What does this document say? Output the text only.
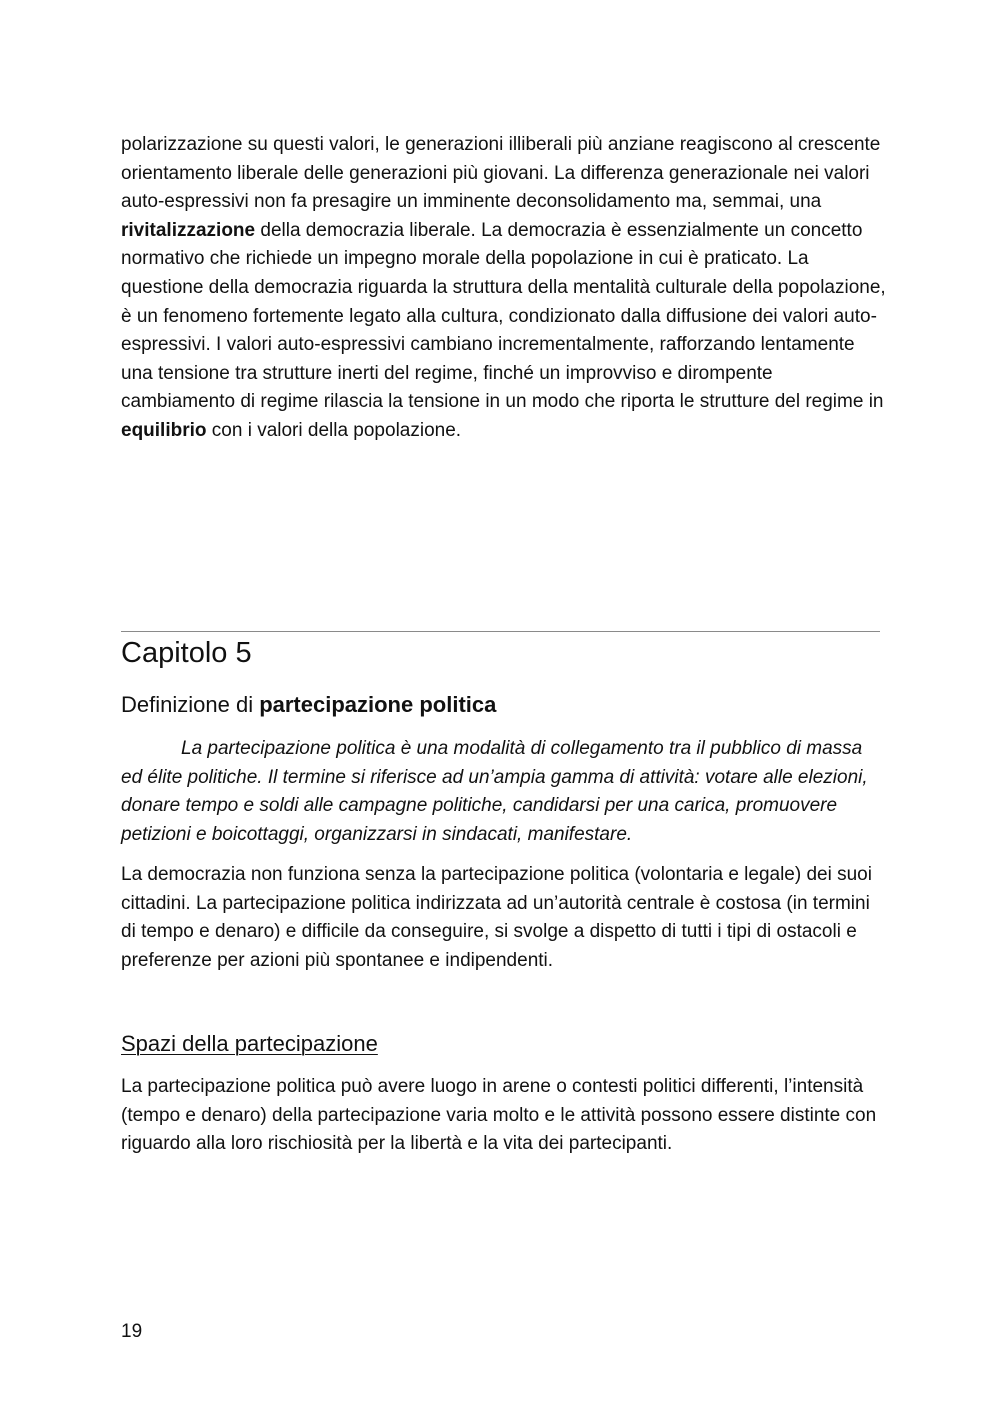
polarizzazione su questi valori, le generazioni illiberali più anziane reagiscono al crescente orientamento liberale delle generazioni più giovani. La differenza generazionale nei valori auto-espressivi non fa presagire un imminente deconsolidamento ma, semmai, una rivitalizzazione della democrazia liberale. La democrazia è essenzialmente un concetto normativo che richiede un impegno morale della popolazione in cui è praticato. La questione della democrazia riguarda la struttura della mentalità culturale della popolazione, è un fenomeno fortemente legato alla cultura, condizionato dalla diffusione dei valori auto-espressivi. I valori auto-espressivi cambiano incrementalmente, rafforzando lentamente una tensione tra strutture inerti del regime, finché un improvviso e dirompente cambiamento di regime rilascia la tensione in un modo che riporta le strutture del regime in equilibrio con i valori della popolazione.

Capitolo 5
Definizione di partecipazione politica

La partecipazione politica è una modalità di collegamento tra il pubblico di massa ed élite politiche. Il termine si riferisce ad un’ampia gamma di attività: votare alle elezioni, donare tempo e soldi alle campagne politiche, candidarsi per una carica, promuovere petizioni e boicottaggi, organizzarsi in sindacati, manifestare.

La democrazia non funziona senza la partecipazione politica (volontaria e legale) dei suoi cittadini. La partecipazione politica indirizzata ad un’autorità centrale è costosa (in termini di tempo e denaro) e difficile da conseguire, si svolge a dispetto di tutti i tipi di ostacoli e preferenze per azioni più spontanee e indipendenti.

Spazi della partecipazione

La partecipazione politica può avere luogo in arene o contesti politici differenti, l’intensità (tempo e denaro) della partecipazione varia molto e le attività possono essere distinte con riguardo alla loro rischiosità per la libertà e la vita dei partecipanti.

19
